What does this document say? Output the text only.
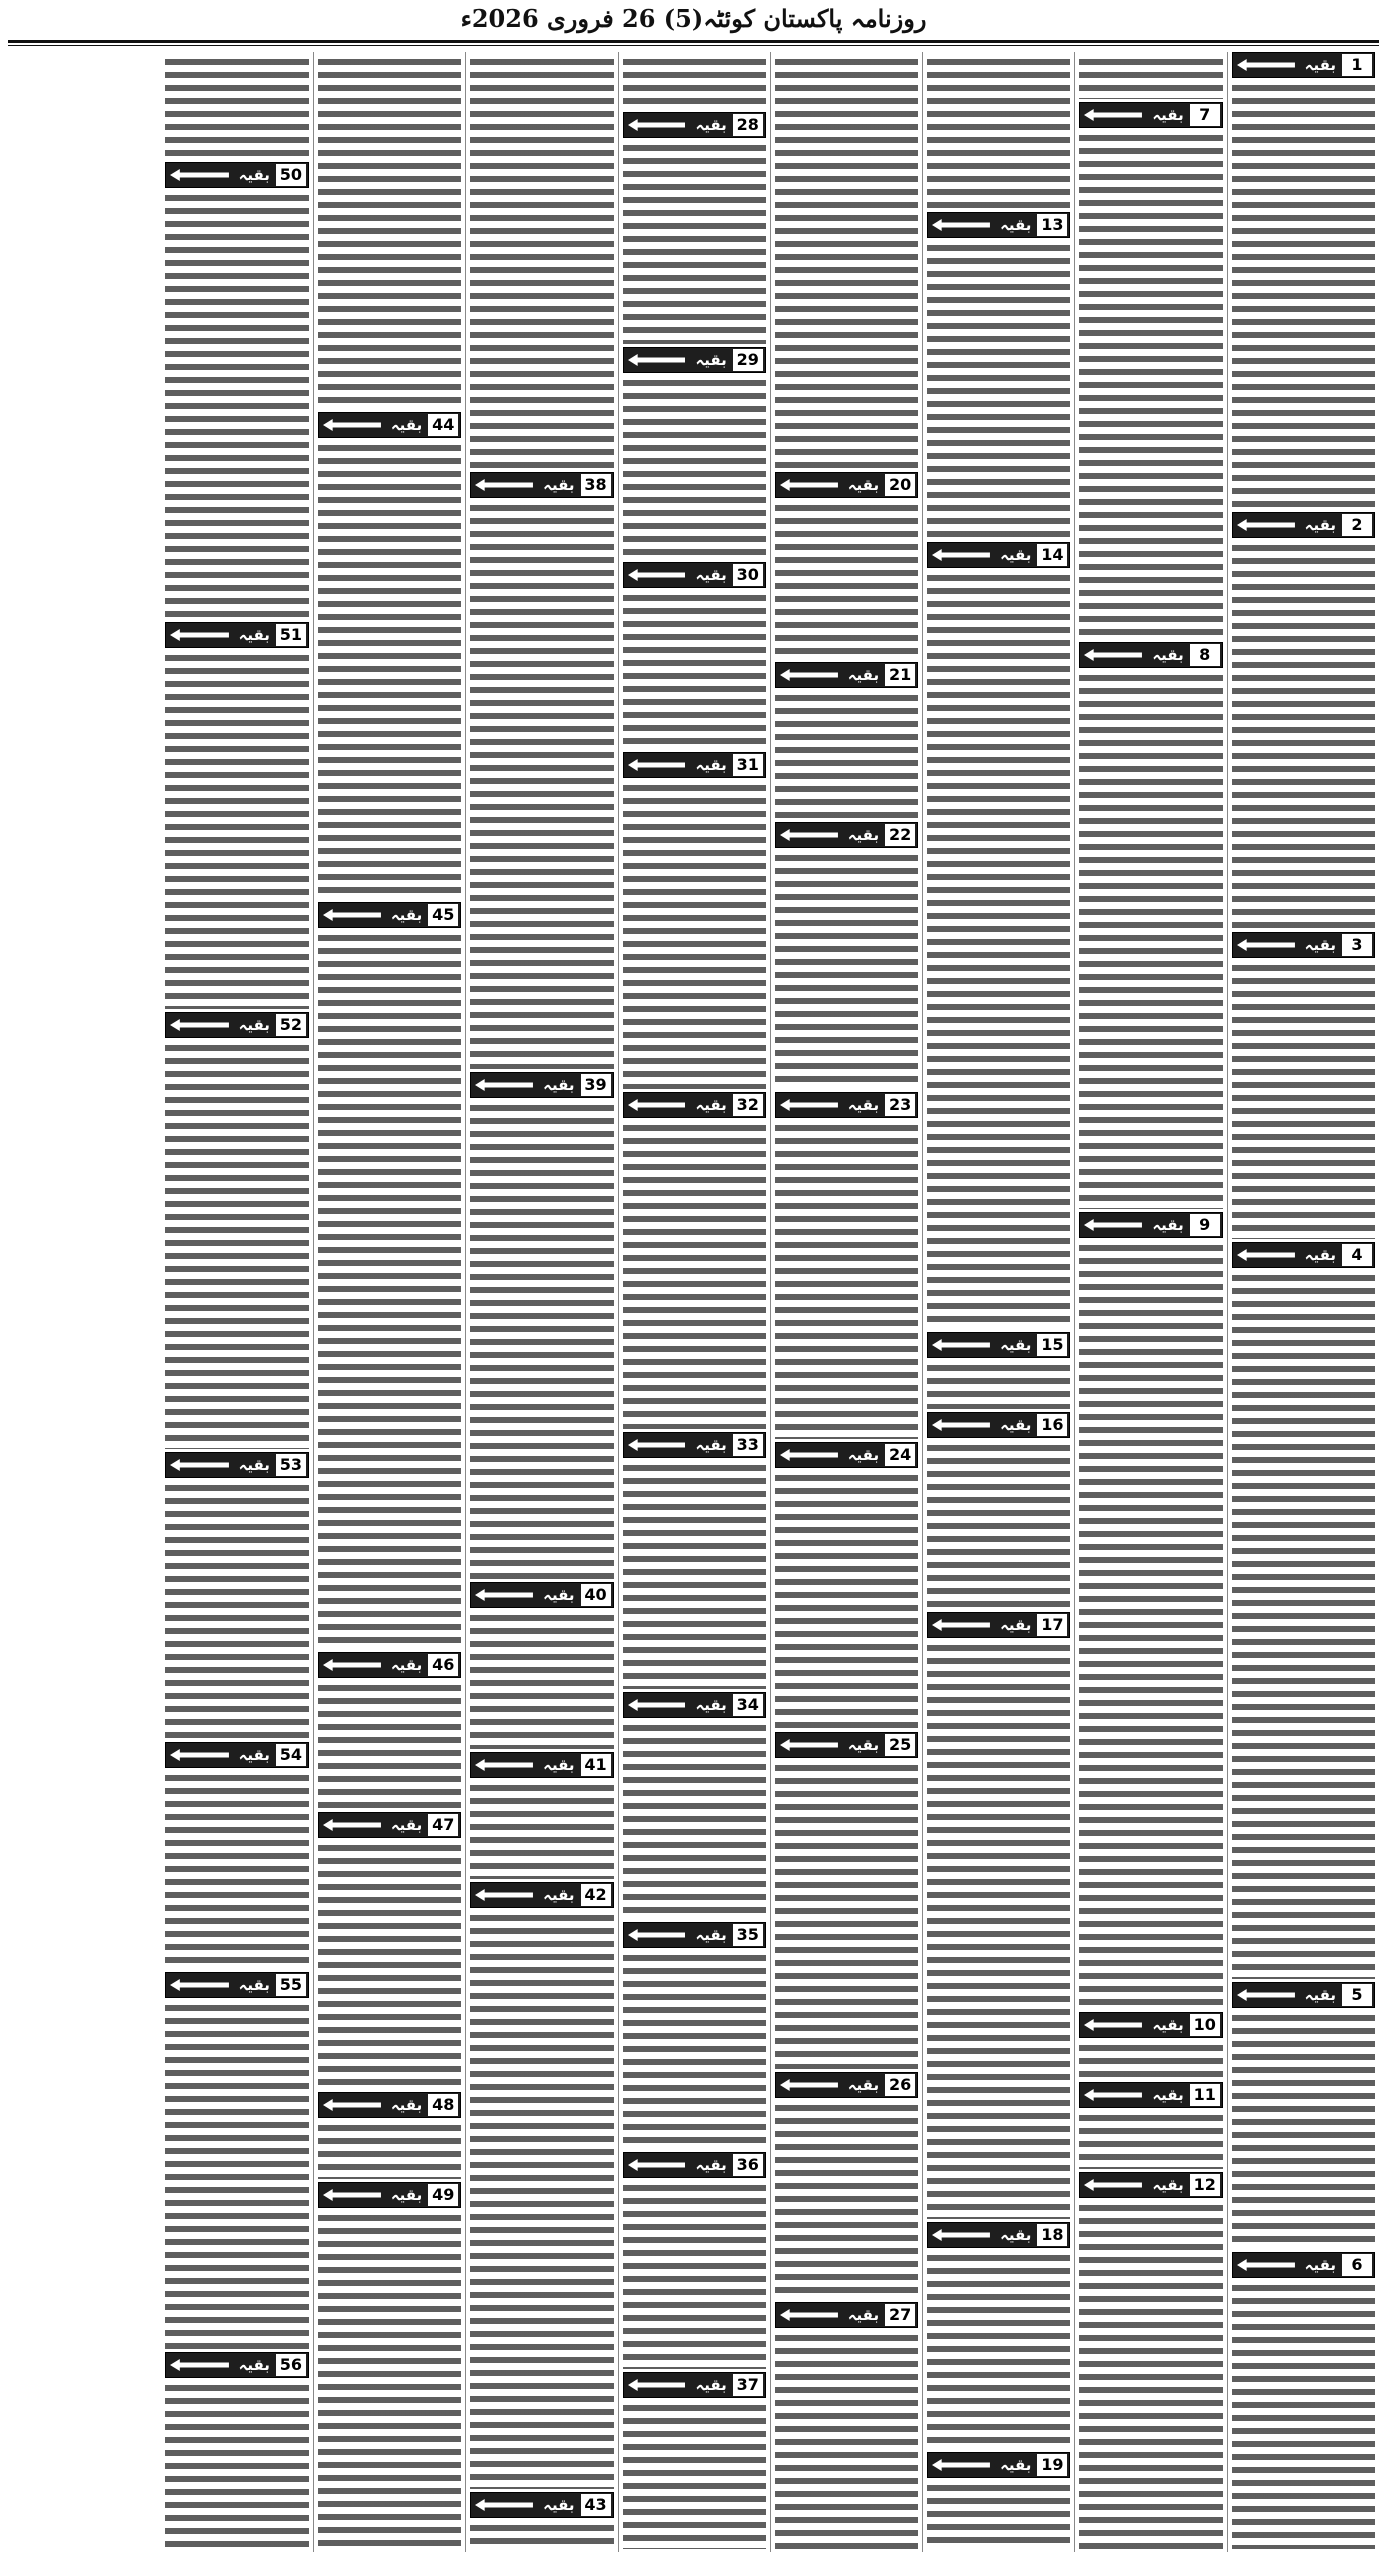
روزنامہ پاکستان کوئٹہ(5) 26 فروری 2026ء
1
بقیہ
2
بقیہ
3
بقیہ
4
بقیہ
5
بقیہ
6
بقیہ
7
بقیہ
8
بقیہ
9
بقیہ
10
بقیہ
11
بقیہ
12
بقیہ
13
بقیہ
14
بقیہ
15
بقیہ
16
بقیہ
17
بقیہ
18
بقیہ
19
بقیہ
20
بقیہ
21
بقیہ
22
بقیہ
23
بقیہ
24
بقیہ
25
بقیہ
26
بقیہ
27
بقیہ
28
بقیہ
29
بقیہ
30
بقیہ
31
بقیہ
32
بقیہ
33
بقیہ
34
بقیہ
35
بقیہ
36
بقیہ
37
بقیہ
38
بقیہ
39
بقیہ
40
بقیہ
41
بقیہ
42
بقیہ
43
بقیہ
44
بقیہ
45
بقیہ
46
بقیہ
47
بقیہ
48
بقیہ
49
بقیہ
50
بقیہ
51
بقیہ
52
بقیہ
53
بقیہ
54
بقیہ
55
بقیہ
56
بقیہ
